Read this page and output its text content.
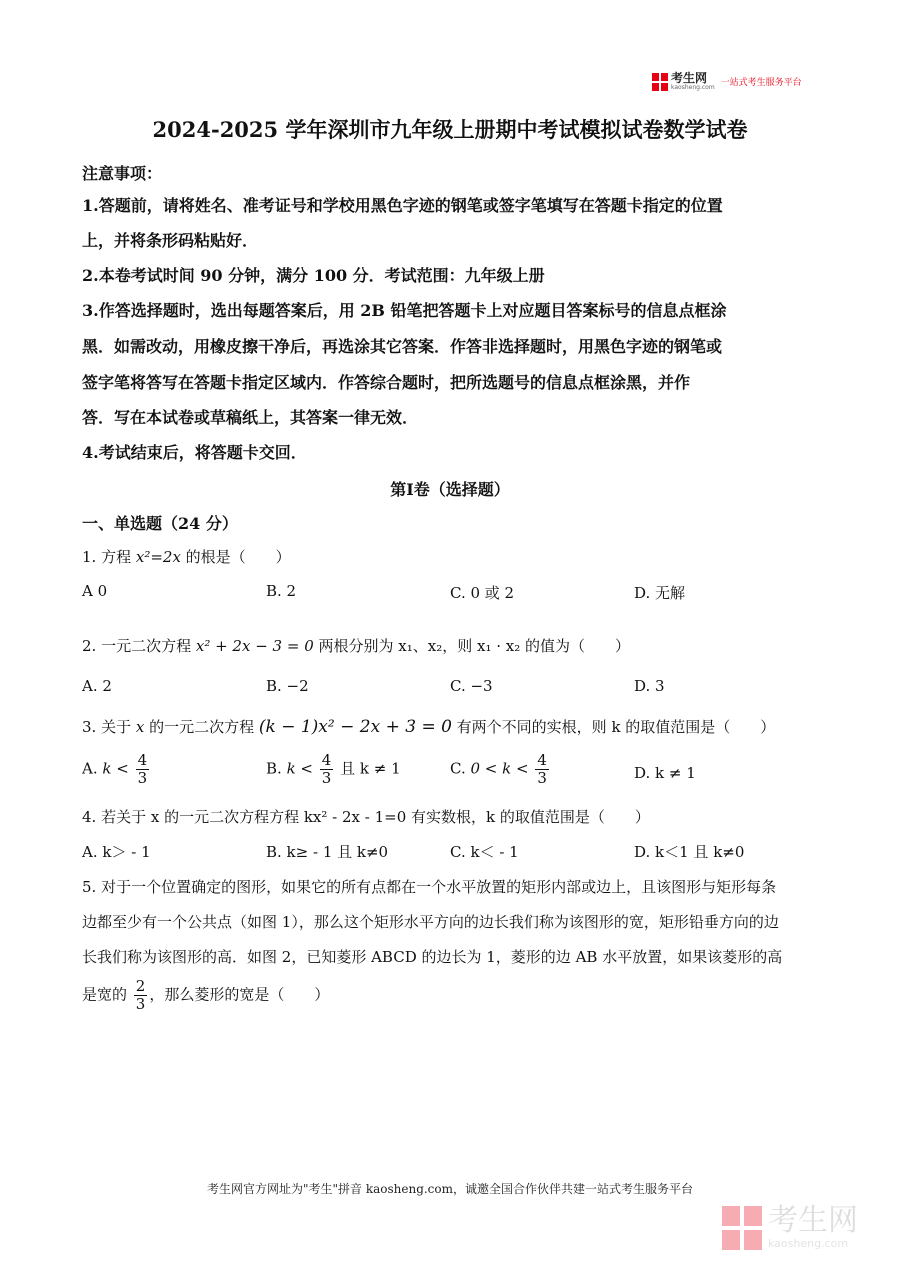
考生网
kaosheng.com 一站式考生服务平台
2024-2025 学年深圳市九年级上册期中考试模拟试卷数学试卷
注意事项：
1.答题前，请将姓名、准考证号和学校用黑色字迹的钢笔或签字笔填写在答题卡指定的位置
上，并将条形码粘贴好．
2.本卷考试时间 90 分钟，满分 100 分．考试范围：九年级上册
3.作答选择题时，选出每题答案后，用 2B 铅笔把答题卡上对应题目答案标号的信息点框涂
黑．如需改动，用橡皮擦干净后，再选涂其它答案．作答非选择题时，用黑色字迹的钢笔或
签字笔将答写在答题卡指定区域内．作答综合题时，把所选题号的信息点框涂黑，并作
答．写在本试卷或草稿纸上，其答案一律无效．
4.考试结束后，将答题卡交回．
第Ⅰ卷（选择题）
一、单选题（24 分）
1. 方程 x²=2x 的根是（　　）
A 0	B. 2	C. 0 或 2	D. 无解
2. 一元二次方程 x² + 2x − 3 = 0 两根分别为 x₁、x₂，则 x₁ · x₂ 的值为（　　）
A. 2	B. −2	C. −3	D. 3
3. 关于 x 的一元二次方程 (k − 1)x² − 2x + 3 = 0 有两个不同的实根，则 k 的取值范围是（　　）
A. $k < \frac{4}{3}$	B. $k < \frac{4}{3}$ 且 k ≠ 1	C. $0 < k < \frac{4}{3}$	D. k ≠ 1
4. 若关于 x 的一元二次方程方程 kx² - 2x - 1=0 有实数根，k 的取值范围是（　　）
A. k＞ - 1	B. k≥ - 1 且 k≠0	C. k＜ - 1	D. k＜1 且 k≠0
5. 对于一个位置确定的图形，如果它的所有点都在一个水平放置的矩形内部或边上，且该图形与矩形每条
边都至少有一个公共点（如图 1），那么这个矩形水平方向的边长我们称为该图形的宽，矩形铅垂方向的边
长我们称为该图形的高．如图 2，已知菱形 ABCD 的边长为 1，菱形的边 AB 水平放置，如果该菱形的高
是宽的 $\frac{2}{3}$ ，那么菱形的宽是（　　）
考生网官方网址为"考生"拼音 kaosheng.com，诚邀全国合作伙伴共建一站式考生服务平台
考生网
kaosheng.com
